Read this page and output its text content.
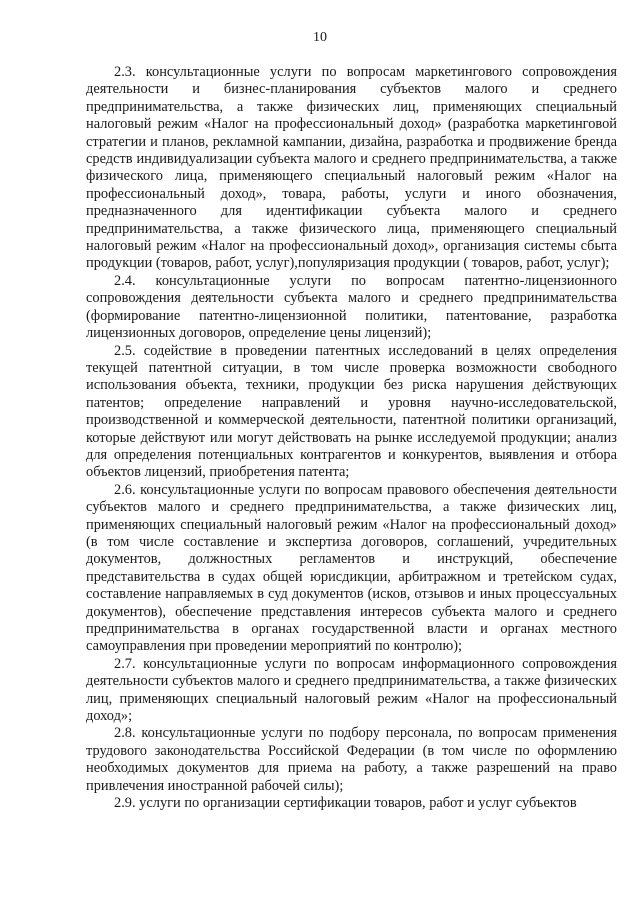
10

2.3. консультационные услуги по вопросам маркетингового сопровождения деятельности и бизнес-планирования субъектов малого и среднего предпринимательства, а также физических лиц, применяющих специальный налоговый режим «Налог на профессиональный доход» (разработка маркетинговой стратегии и планов, рекламной кампании, дизайна, разработка и продвижение бренда средств индивидуализации субъекта малого и среднего предпринимательства, а также физического лица, применяющего специальный налоговый режим «Налог на профессиональный доход», товара, работы, услуги и иного обозначения, предназначенного для идентификации субъекта малого и среднего предпринимательства, а также физического лица, применяющего специальный налоговый режим «Налог на профессиональный доход», организация системы сбыта продукции (товаров, работ, услуг),популяризация продукции ( товаров, работ, услуг);

2.4. консультационные услуги по вопросам патентно-лицензионного сопровождения деятельности субъекта малого и среднего предпринимательства (формирование патентно-лицензионной политики, патентование, разработка лицензионных договоров, определение цены лицензий);

2.5. содействие в проведении патентных исследований в целях определения текущей патентной ситуации, в том числе проверка возможности свободного использования объекта, техники, продукции без риска нарушения действующих патентов; определение направлений и уровня научно-исследовательской, производственной и коммерческой деятельности, патентной политики организаций, которые действуют или могут действовать на рынке исследуемой продукции; анализ для определения потенциальных контрагентов и конкурентов, выявления и отбора объектов лицензий, приобретения патента;

2.6. консультационные услуги по вопросам правового обеспечения деятельности субъектов малого и среднего предпринимательства, а также физических лиц, применяющих специальный налоговый режим «Налог на профессиональный доход» (в том числе составление и экспертиза договоров, соглашений, учредительных документов, должностных регламентов и инструкций, обеспечение представительства в судах общей юрисдикции, арбитражном и третейском судах, составление направляемых в суд документов (исков, отзывов и иных процессуальных документов), обеспечение представления интересов субъекта малого и среднего предпринимательства в органах государственной власти и органах местного самоуправления при проведении мероприятий по контролю);

2.7. консультационные услуги по вопросам информационного сопровождения деятельности субъектов малого и среднего предпринимательства, а также физических лиц, применяющих специальный налоговый режим «Налог на профессиональный доход»;

2.8. консультационные услуги по подбору персонала, по вопросам применения трудового законодательства Российской Федерации (в том числе по оформлению необходимых документов для приема на работу, а также разрешений на право привлечения иностранной рабочей силы);

2.9. услуги по организации сертификации товаров, работ и услуг субъектов
